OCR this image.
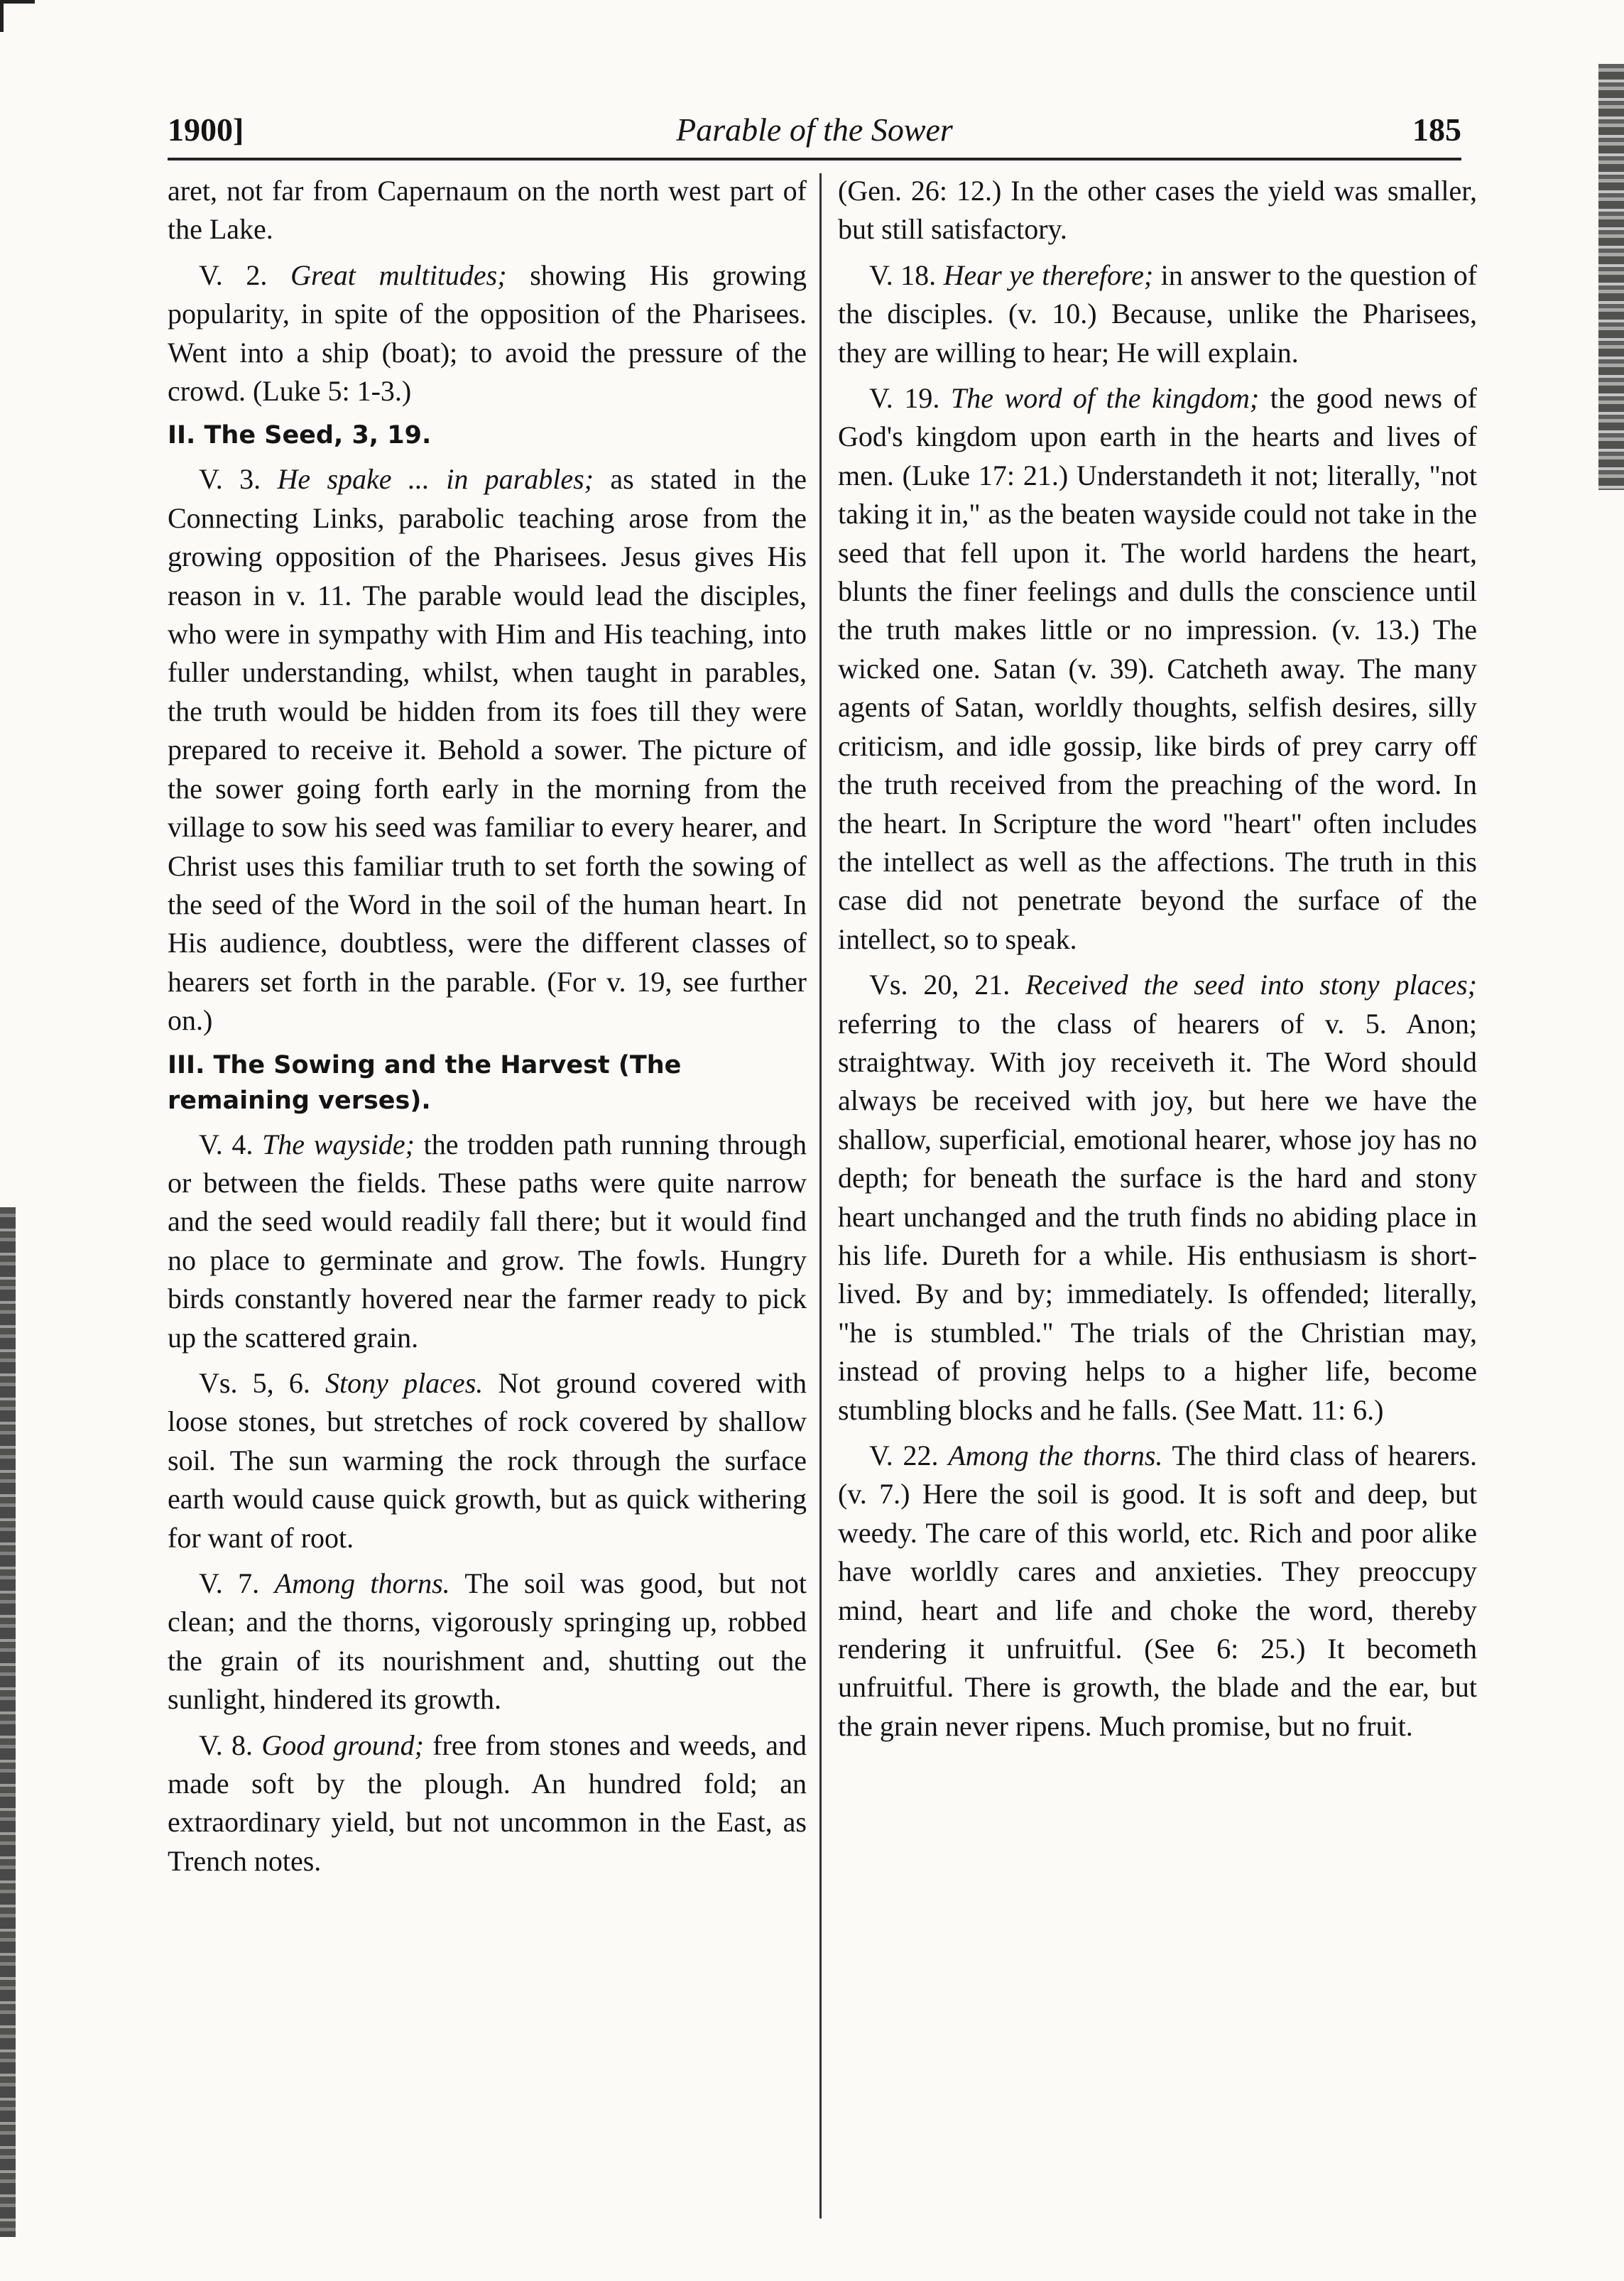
1900]	Parable of the Sower	185

aret, not far from Capernaum on the north west part of the Lake.

V. 2. Great multitudes; showing His growing popularity, in spite of the opposition of the Pharisees. Went into a ship (boat); to avoid the pressure of the crowd. (Luke 5: 1-3.)

II. The Seed, 3, 19.

V. 3. He spake ... in parables; as stated in the Connecting Links, parabolic teaching arose from the growing opposition of the Pharisees. Jesus gives His reason in v. 11. The parable would lead the disciples, who were in sympathy with Him and His teaching, into fuller understanding, whilst, when taught in parables, the truth would be hidden from its foes till they were prepared to receive it. Behold a sower. The picture of the sower going forth early in the morning from the village to sow his seed was familiar to every hearer, and Christ uses this familiar truth to set forth the sowing of the seed of the Word in the soil of the human heart. In His audience, doubtless, were the different classes of hearers set forth in the parable. (For v. 19, see further on.)

III. The Sowing and the Harvest (The remaining verses).

V. 4. The wayside; the trodden path running through or between the fields. These paths were quite narrow and the seed would readily fall there; but it would find no place to germinate and grow. The fowls. Hungry birds constantly hovered near the farmer ready to pick up the scattered grain.

Vs. 5, 6. Stony places. Not ground covered with loose stones, but stretches of rock covered by shallow soil. The sun warming the rock through the surface earth would cause quick growth, but as quick withering for want of root.

V. 7. Among thorns. The soil was good, but not clean; and the thorns, vigorously springing up, robbed the grain of its nourishment and, shutting out the sunlight, hindered its growth.

V. 8. Good ground; free from stones and weeds, and made soft by the plough. An hundred fold; an extraordinary yield, but not uncommon in the East, as Trench notes.

(Gen. 26: 12.) In the other cases the yield was smaller, but still satisfactory.

V. 18. Hear ye therefore; in answer to the question of the disciples. (v. 10.) Because, unlike the Pharisees, they are willing to hear; He will explain.

V. 19. The word of the kingdom; the good news of God's kingdom upon earth in the hearts and lives of men. (Luke 17: 21.) Understandeth it not; literally, "not taking it in," as the beaten wayside could not take in the seed that fell upon it. The world hardens the heart, blunts the finer feelings and dulls the conscience until the truth makes little or no impression. (v. 13.) The wicked one. Satan (v. 39). Catcheth away. The many agents of Satan, worldly thoughts, selfish desires, silly criticism, and idle gossip, like birds of prey carry off the truth received from the preaching of the word. In the heart. In Scripture the word "heart" often includes the intellect as well as the affections. The truth in this case did not penetrate beyond the surface of the intellect, so to speak.

Vs. 20, 21. Received the seed into stony places; referring to the class of hearers of v. 5. Anon; straightway. With joy receiveth it. The Word should always be received with joy, but here we have the shallow, superficial, emotional hearer, whose joy has no depth; for beneath the surface is the hard and stony heart unchanged and the truth finds no abiding place in his life. Dureth for a while. His enthusiasm is short-lived. By and by; immediately. Is offended; literally, "he is stumbled." The trials of the Christian may, instead of proving helps to a higher life, become stumbling blocks and he falls. (See Matt. 11: 6.)

V. 22. Among the thorns. The third class of hearers. (v. 7.) Here the soil is good. It is soft and deep, but weedy. The care of this world, etc. Rich and poor alike have worldly cares and anxieties. They preoccupy mind, heart and life and choke the word, thereby rendering it unfruitful. (See 6: 25.) It becometh unfruitful. There is growth, the blade and the ear, but the grain never ripens. Much promise, but no fruit.
